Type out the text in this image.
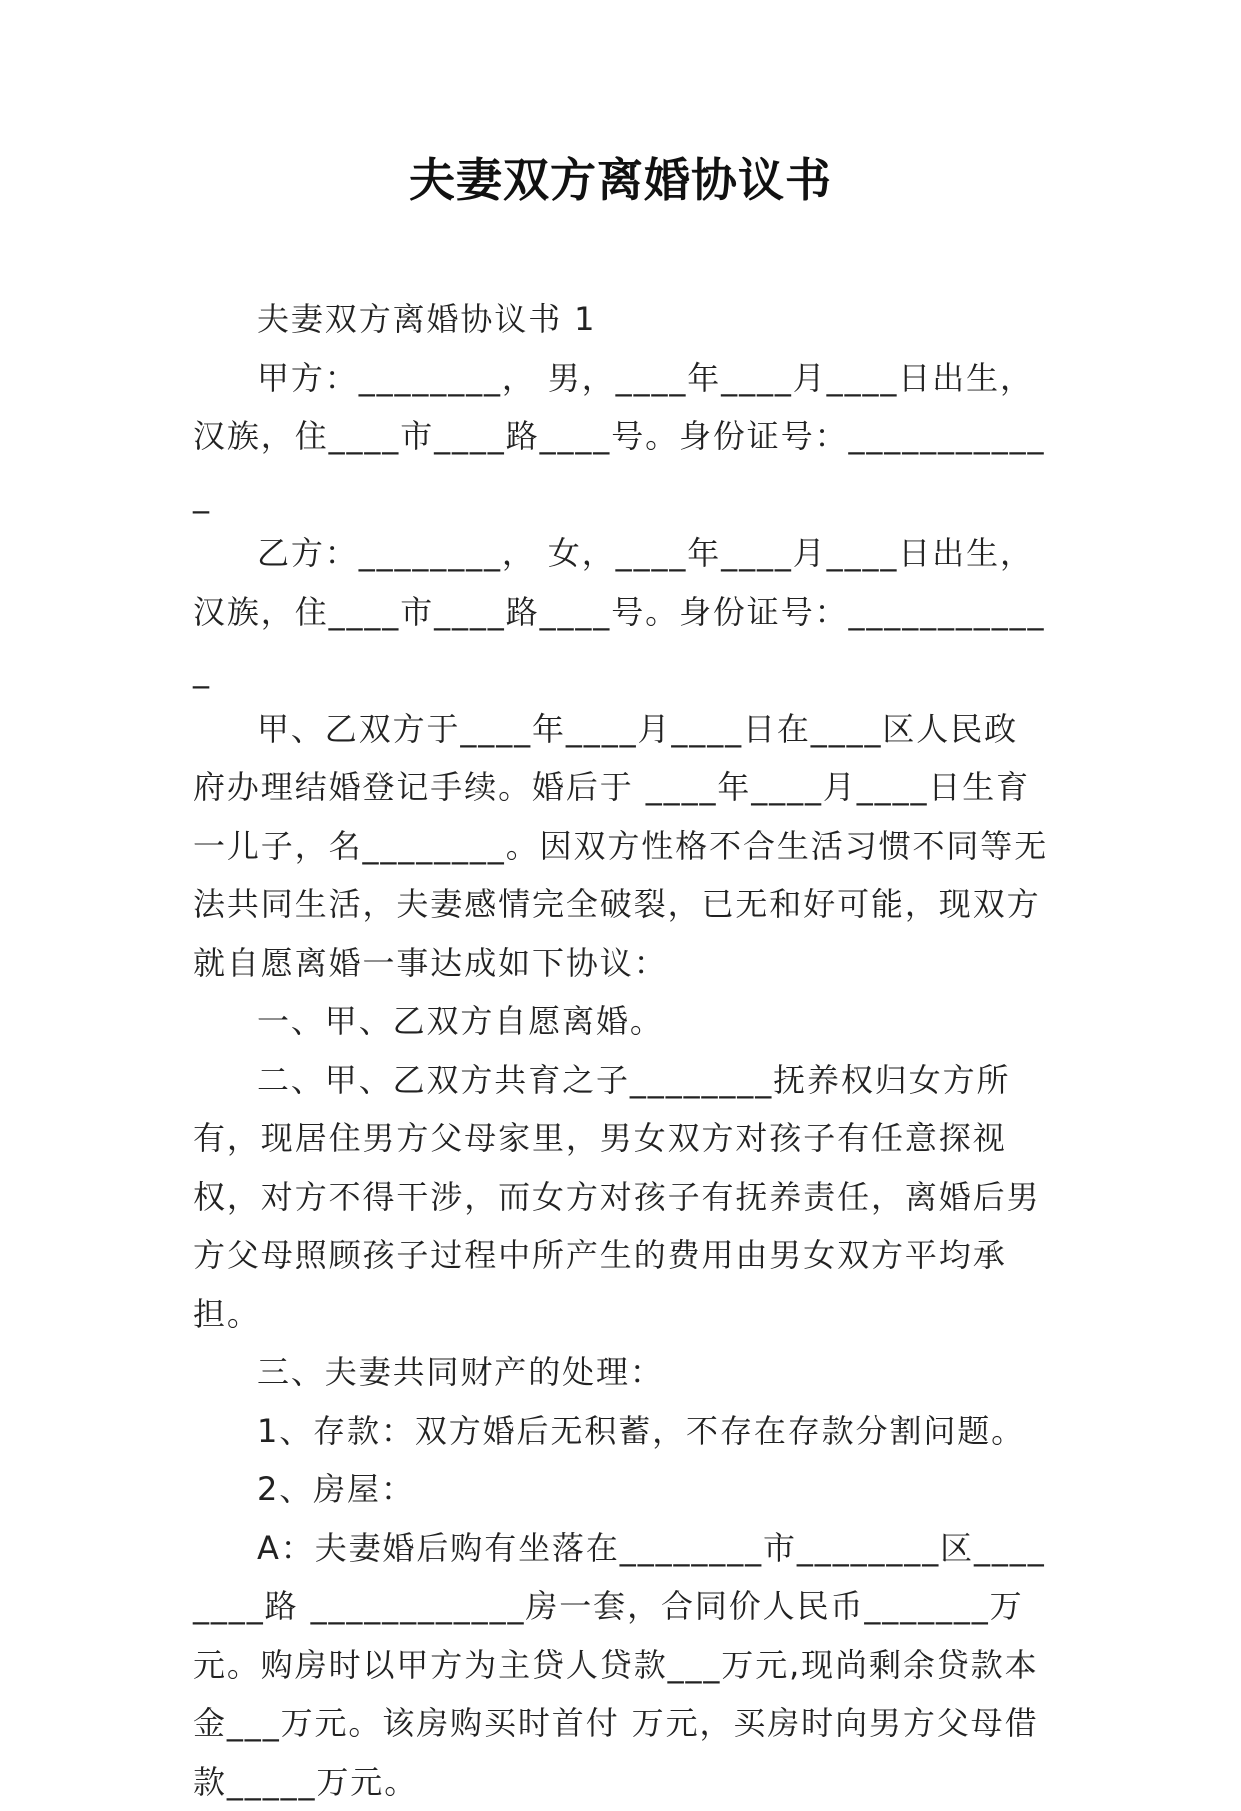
夫妻双方离婚协议书

夫妻双方离婚协议书 1

甲方：________， 男，____年____月____日出生，汉族，住____市____路____号。身份证号：____________

乙方：________， 女，____年____月____日出生，汉族，住____市____路____号。身份证号：____________

甲、乙双方于____年____月____日在____区人民政府办理结婚登记手续。婚后于 ____年____月____日生育一儿子，名________。因双方性格不合生活习惯不同等无法共同生活，夫妻感情完全破裂，已无和好可能，现双方就自愿离婚一事达成如下协议：

一、甲、乙双方自愿离婚。

二、甲、乙双方共育之子________抚养权归女方所有，现居住男方父母家里，男女双方对孩子有任意探视权，对方不得干涉，而女方对孩子有抚养责任，离婚后男方父母照顾孩子过程中所产生的费用由男女双方平均承担。

三、夫妻共同财产的处理：

1、存款：双方婚后无积蓄，不存在存款分割问题。

2、房屋：

A：夫妻婚后购有坐落在________市________区________路 ____________房一套，合同价人民币_______万元。购房时以甲方为主贷人贷款___万元,现尚剩余贷款本金___万元。该房购买时首付 万元，买房时向男方父母借款_____万元。
